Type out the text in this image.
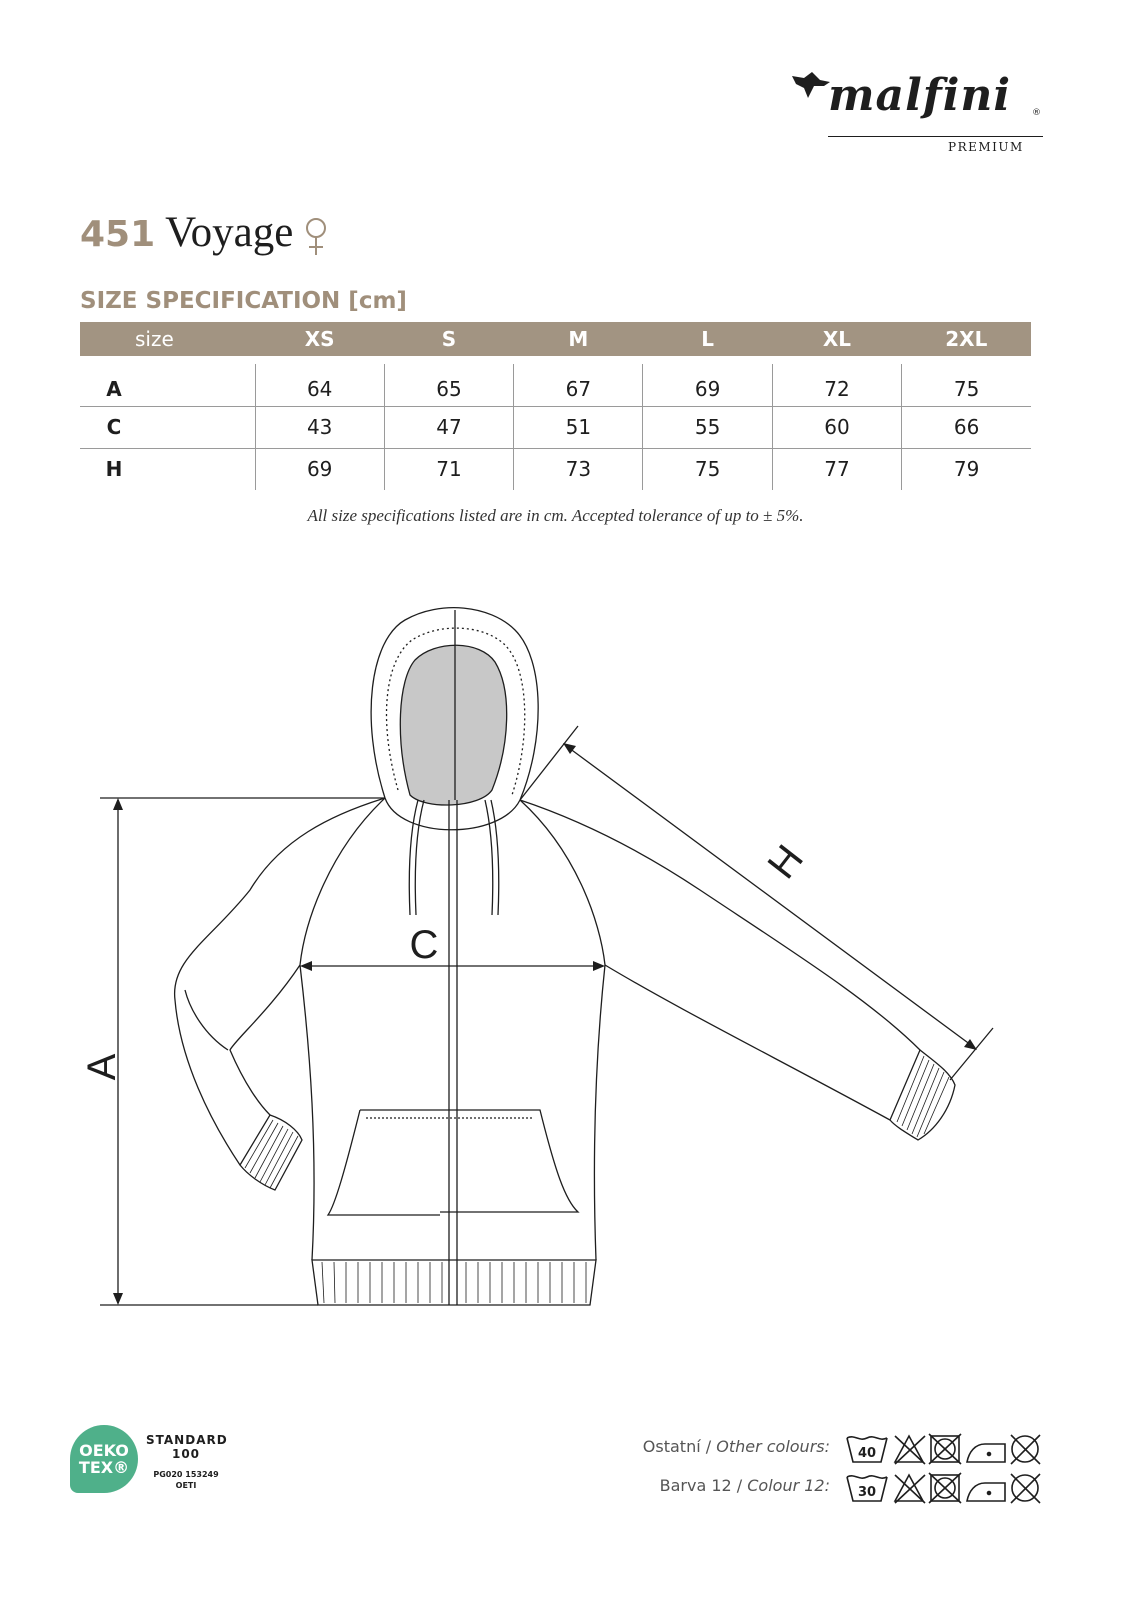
malfini ®
PREMIUM
451 Voyage
SIZE SPECIFICATION [cm]
size	XS	S	M	L	XL	2XL

A	64	65	67	69	72	75
C	43	47	51	55	60	66
H	69	71	73	75	77	79
All size specifications listed are in cm. Accepted tolerance of up to ± 5%.
A
C
H
OEKO
TEX®
STANDARD
100
PG020 153249
OETI
Ostatní / Other colours: 40
Barva 12 / Colour 12: 30
